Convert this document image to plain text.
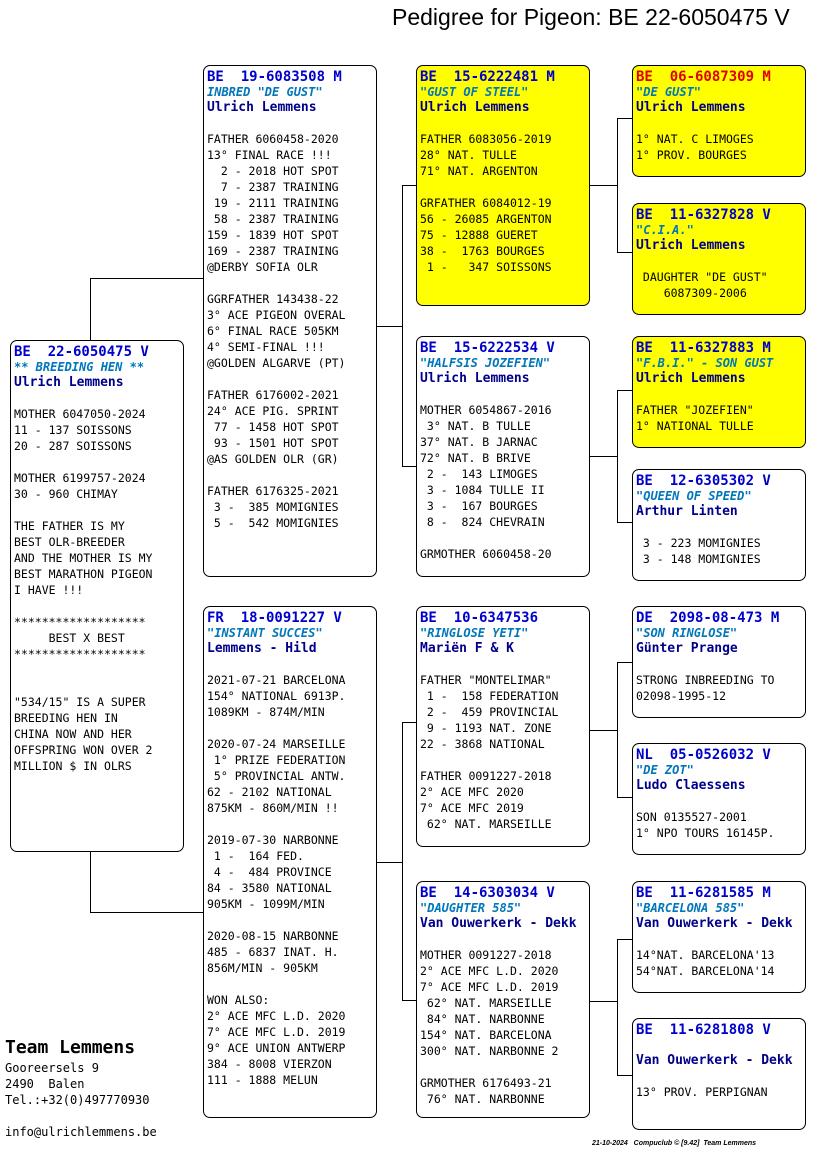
Pedigree for Pigeon: BE 22-6050475 V
BE  22-6050475 V
** BREEDING HEN **
Ulrich Lemmens
MOTHER 6047050-2024
11 - 137 SOISSONS
20 - 287 SOISSONS
MOTHER 6199757-2024
30 - 960 CHIMAY
THE FATHER IS MY
BEST OLR-BREEDER
AND THE MOTHER IS MY
BEST MARATHON PIGEON
I HAVE !!!
*******************
BEST X BEST
*******************
"534/15" IS A SUPER
BREEDING HEN IN
CHINA NOW AND HER
OFFSPRING WON OVER 2
MILLION $ IN OLRS
BE  19-6083508 M
INBRED "DE GUST"
Ulrich Lemmens
FATHER 6060458-2020
13° FINAL RACE !!!
2 - 2018 HOT SPOT
7 - 2387 TRAINING
19 - 2111 TRAINING
58 - 2387 TRAINING
159 - 1839 HOT SPOT
169 - 2387 TRAINING
@DERBY SOFIA OLR
GGRFATHER 143438-22
3° ACE PIGEON OVERAL
6° FINAL RACE 505KM
4° SEMI-FINAL !!!
@GOLDEN ALGARVE (PT)
FATHER 6176002-2021
24° ACE PIG. SPRINT
77 - 1458 HOT SPOT
93 - 1501 HOT SPOT
@AS GOLDEN OLR (GR)
FATHER 6176325-2021
3 -  385 MOMIGNIES
5 -  542 MOMIGNIES
FR  18-0091227 V
"INSTANT SUCCES"
Lemmens - Hild
2021-07-21 BARCELONA
154° NATIONAL 6913P.
1089KM - 874M/MIN
2020-07-24 MARSEILLE
1° PRIZE FEDERATION
5° PROVINCIAL ANTW.
62 - 2102 NATIONAL
875KM - 860M/MIN !!
2019-07-30 NARBONNE
1 -  164 FED.
4 -  484 PROVINCE
84 - 3580 NATIONAL
905KM - 1099M/MIN
2020-08-15 NARBONNE
485 - 6837 INAT. H.
856M/MIN - 905KM
WON ALSO:
2° ACE MFC L.D. 2020
7° ACE MFC L.D. 2019
9° ACE UNION ANTWERP
384 - 8008 VIERZON
111 - 1888 MELUN
BE  15-6222481 M
"GUST OF STEEL"
Ulrich Lemmens
FATHER 6083056-2019
28° NAT. TULLE
71° NAT. ARGENTON
GRFATHER 6084012-19
56 - 26085 ARGENTON
75 - 12888 GUERET
38 -  1763 BOURGES
1 -   347 SOISSONS
BE  15-6222534 V
"HALFSIS JOZEFIEN"
Ulrich Lemmens
MOTHER 6054867-2016
3° NAT. B TULLE
37° NAT. B JARNAC
72° NAT. B BRIVE
2 -  143 LIMOGES
3 - 1084 TULLE II
3 -  167 BOURGES
8 -  824 CHEVRAIN
GRMOTHER 6060458-20
BE  10-6347536
"RINGLOSE YETI"
Mariën F & K
FATHER "MONTELIMAR"
1 -  158 FEDERATION
2 -  459 PROVINCIAL
9 - 1193 NAT. ZONE
22 - 3868 NATIONAL
FATHER 0091227-2018
2° ACE MFC 2020
7° ACE MFC 2019
62° NAT. MARSEILLE
BE  14-6303034 V
"DAUGHTER 585"
Van Ouwerkerk - Dekk
MOTHER 0091227-2018
2° ACE MFC L.D. 2020
7° ACE MFC L.D. 2019
62° NAT. MARSEILLE
84° NAT. NARBONNE
154° NAT. BARCELONA
300° NAT. NARBONNE 2
GRMOTHER 6176493-21
76° NAT. NARBONNE
BE  06-6087309 M
"DE GUST"
Ulrich Lemmens
1° NAT. C LIMOGES
1° PROV. BOURGES
BE  11-6327828 V
"C.I.A."
Ulrich Lemmens
DAUGHTER "DE GUST"
6087309-2006
BE  11-6327883 M
"F.B.I." - SON GUST
Ulrich Lemmens
FATHER "JOZEFIEN"
1° NATIONAL TULLE
BE  12-6305302 V
"QUEEN OF SPEED"
Arthur Linten
3 - 223 MOMIGNIES
3 - 148 MOMIGNIES
DE  2098-08-473 M
"SON RINGLOSE"
Günter Prange
STRONG INBREEDING TO
02098-1995-12
NL  05-0526032 V
"DE ZOT"
Ludo Claessens
SON 0135527-2001
1° NPO TOURS 16145P.
BE  11-6281585 M
"BARCELONA 585"
Van Ouwerkerk - Dekk
14°NAT. BARCELONA'13
54°NAT. BARCELONA'14
BE  11-6281808 V
Van Ouwerkerk - Dekk
13° PROV. PERPIGNAN
Team Lemmens
Gooreersels 9
2490  Balen
Tel.:+32(0)497770930
info@ulrichlemmens.be
21-10-2024   Compuclub © [9.42]  Team Lemmens
